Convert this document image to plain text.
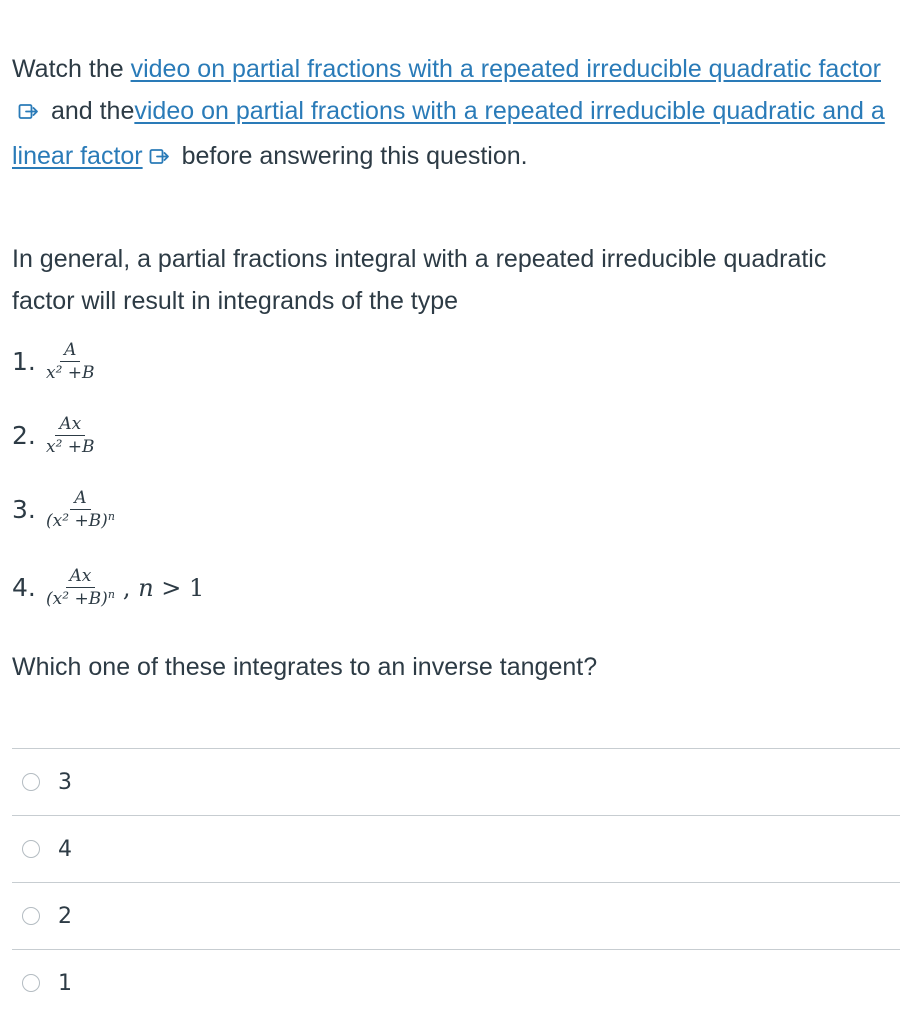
Watch the video on partial fractions with a repeated irreducible quadratic factor and thevideo on partial fractions with a repeated irreducible quadratic and a linear factor before answering this question.
In general, a partial fractions integral with a repeated irreducible quadratic factor will result in integrands of the type
1. $\frac{A}{\text{x² +B}}$
2. $\frac{Ax}{\text{x² +B}}$
3. $\frac{A}{(x^2 +B)^n}$
4. $\frac{Ax}{(x^2 +B)^n}$ , n > 1
Which one of these integrates to an inverse tangent?
3
4
2
1
